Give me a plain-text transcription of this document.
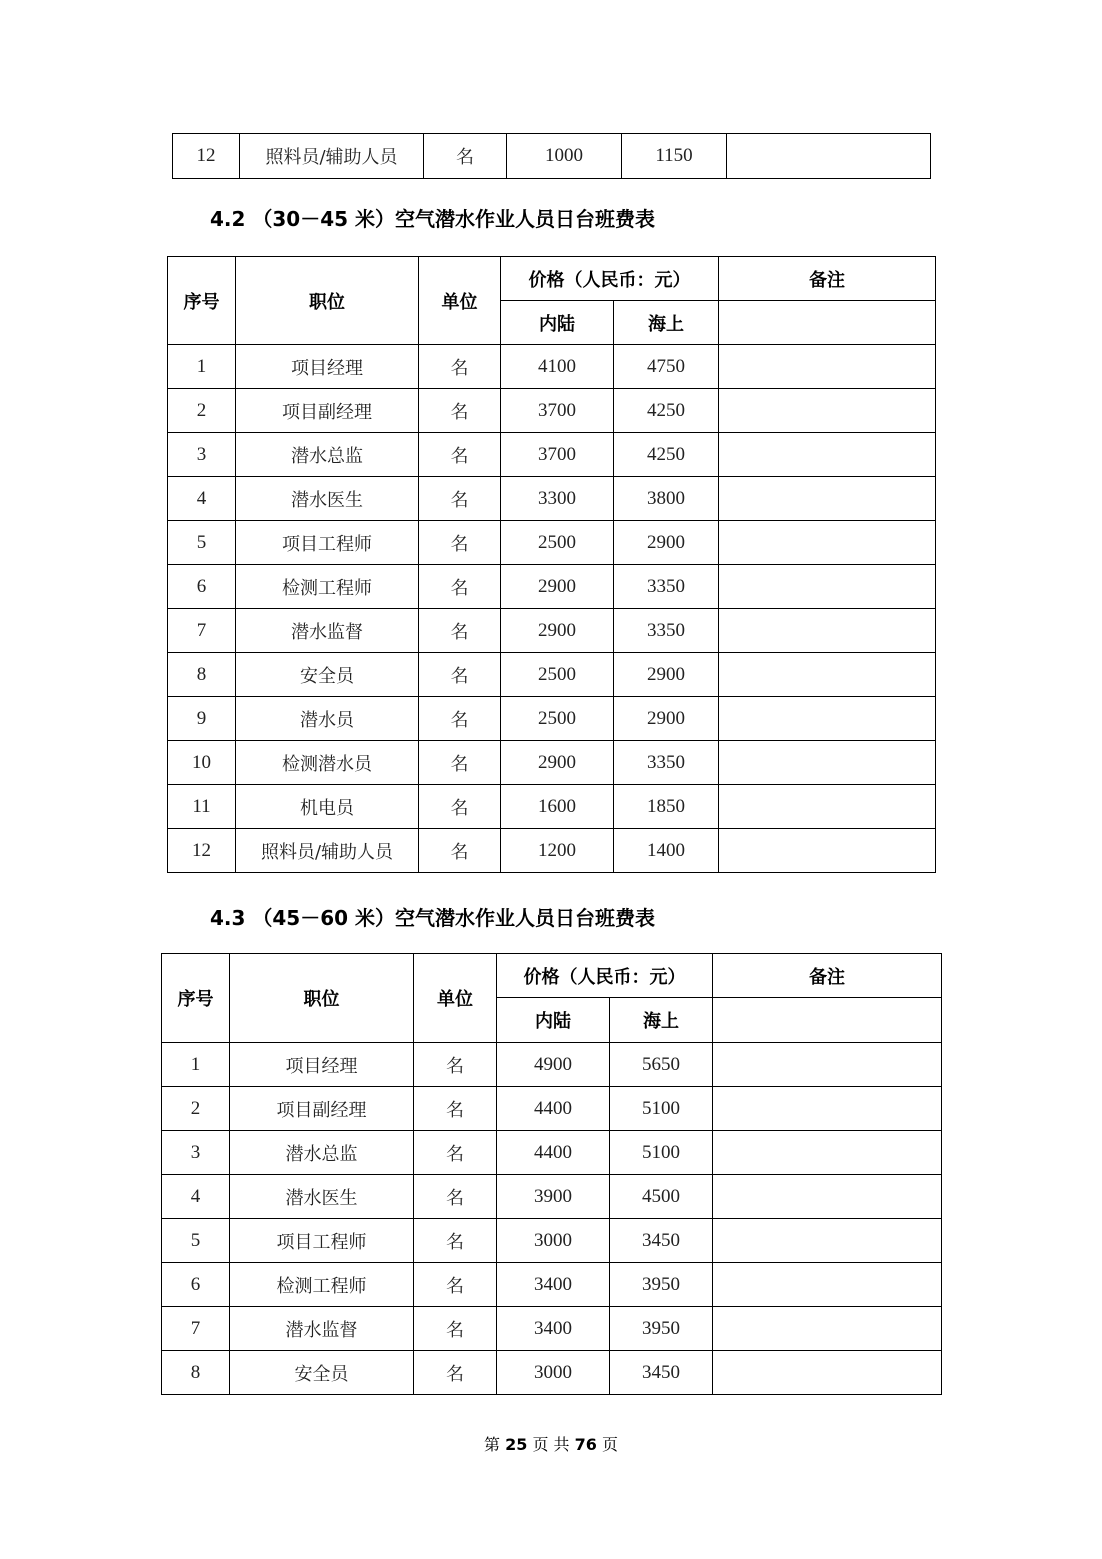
12	照料员/辅助人员	名	1000	1150	

4.2 （30－45 米）空气潜水作业人员日台班费表

序号	职位	单位	价格（人民币：元）		备注
			内陆	海上	
1	项目经理	名	4100	4750	
2	项目副经理	名	3700	4250	
3	潜水总监	名	3700	4250	
4	潜水医生	名	3300	3800	
5	项目工程师	名	2500	2900	
6	检测工程师	名	2900	3350	
7	潜水监督	名	2900	3350	
8	安全员	名	2500	2900	
9	潜水员	名	2500	2900	
10	检测潜水员	名	2900	3350	
11	机电员	名	1600	1850	
12	照料员/辅助人员	名	1200	1400	

4.3 （45－60 米）空气潜水作业人员日台班费表

序号	职位	单位	价格（人民币：元）		备注
			内陆	海上	
1	项目经理	名	4900	5650	
2	项目副经理	名	4400	5100	
3	潜水总监	名	4400	5100	
4	潜水医生	名	3900	4500	
5	项目工程师	名	3000	3450	
6	检测工程师	名	3400	3950	
7	潜水监督	名	3400	3950	
8	安全员	名	3000	3450	
第 25 页 共 76 页
